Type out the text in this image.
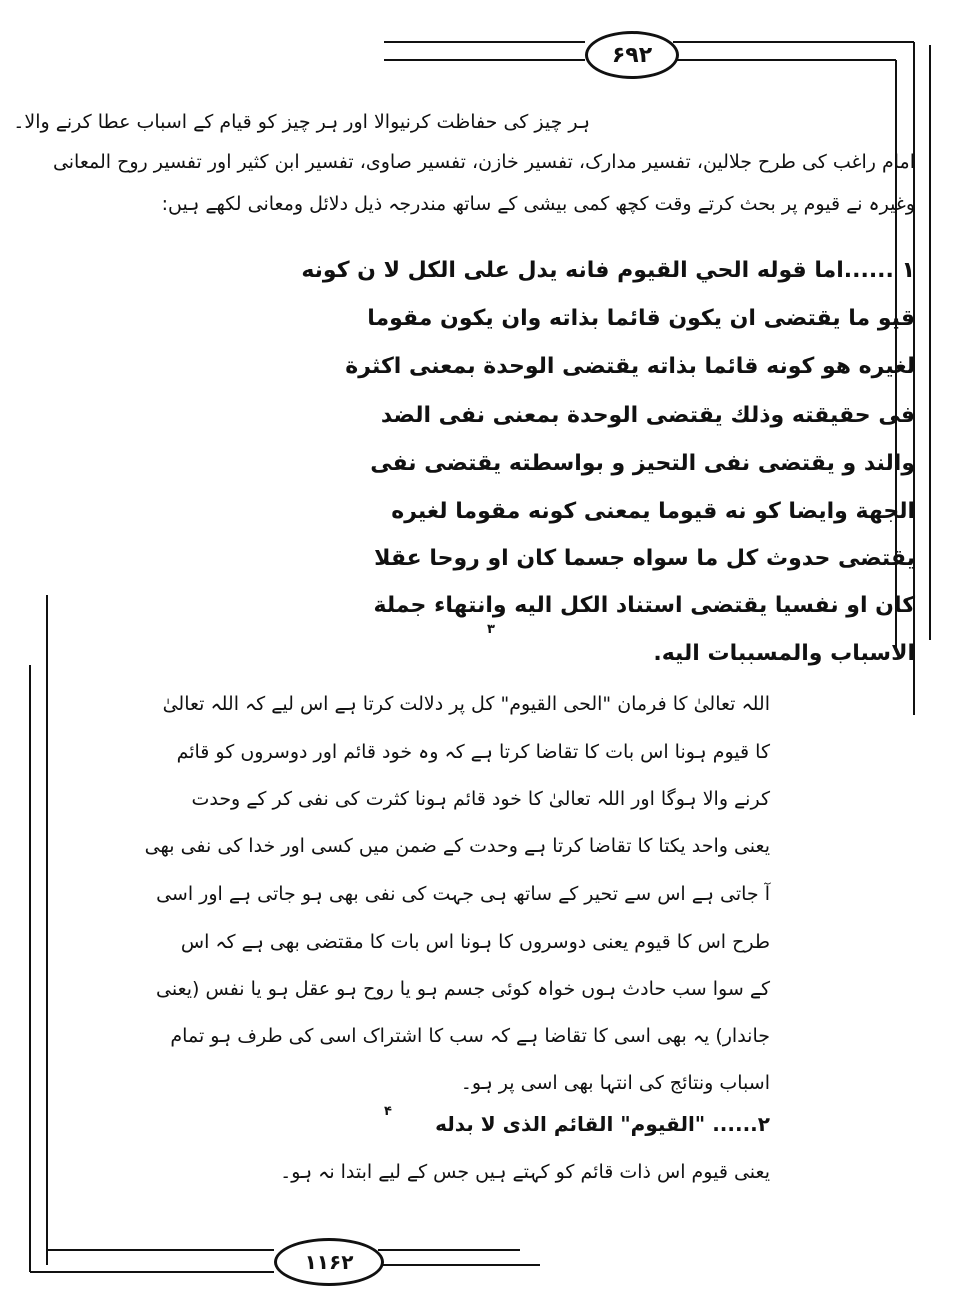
۶۹۲
ہر چیز کی حفاظت کرنیوالا اور ہر چیز کو قیام کے اسباب عطا کرنے والا۔
امام راغب کی طرح جلالین، تفسیر مدارک، تفسیر خازن، تفسیر صاوی، تفسیر ابن کثیر اور تفسیر روح المعانی
وغیرہ نے قیوم پر بحث کرتے وقت کچھ کمی بیشی کے ساتھ مندرجہ ذیل دلائل ومعانی لکھے ہیں:
١ ......اما قوله الحي القيوم فانه يدل على الكل لا ن كونه
قيو ما يقتضى ان يكون قائما بذاته وان يكون مقوما
لغيره هو كونه قائما بذاته يقتضى الوحدة بمعنى اكثرة
فى حقيقته وذلك يقتضى الوحدة بمعنى نفى الضد
والند و يقتضى نفى التحيز و بواسطته يقتضى نفى
الجهة وايضا كو نه قيوما يمعنى كونه مقوما لغيره
يقتضى حدوث كل ما سواه جسما كان او روحا عقلا
كان او نفسيا يقتضى استناد الكل اليه وانتهاء جملة
الاسباب والمسببات اليه.
۳
اللہ تعالیٰ کا فرمان "الحی القیوم" کل پر دلالت کرتا ہے اس لیے کہ اللہ تعالیٰ
کا قیوم ہونا اس بات کا تقاضا کرتا ہے کہ وہ خود قائم اور دوسروں کو قائم
کرنے والا ہوگا اور اللہ تعالیٰ کا خود قائم ہونا کثرت کی نفی کر کے وحدت
یعنی واحد یکتا کا تقاضا کرتا ہے وحدت کے ضمن میں کسی اور خدا کی نفی بھی
آ جاتی ہے اس سے تحیر کے ساتھ ہی جہت کی نفی بھی ہو جاتی ہے اور اسی
طرح اس کا قیوم یعنی دوسروں کا ہونا اس بات کا مقتضی بھی ہے کہ اس
کے سوا سب حادث ہوں خواہ کوئی جسم ہو یا روح ہو عقل ہو یا نفس (یعنی
جاندار) یہ بھی اسی کا تقاضا ہے کہ سب کا اشتراک اسی کی طرف ہو تمام
اسباب ونتائج کی انتہا بھی اسی پر ہو۔
٢...... "القيوم" القائم الذى لا بدله
۴
یعنی قیوم اس ذات قائم کو کہتے ہیں جس کے لیے ابتدا نہ ہو۔
۱۱۶۲
